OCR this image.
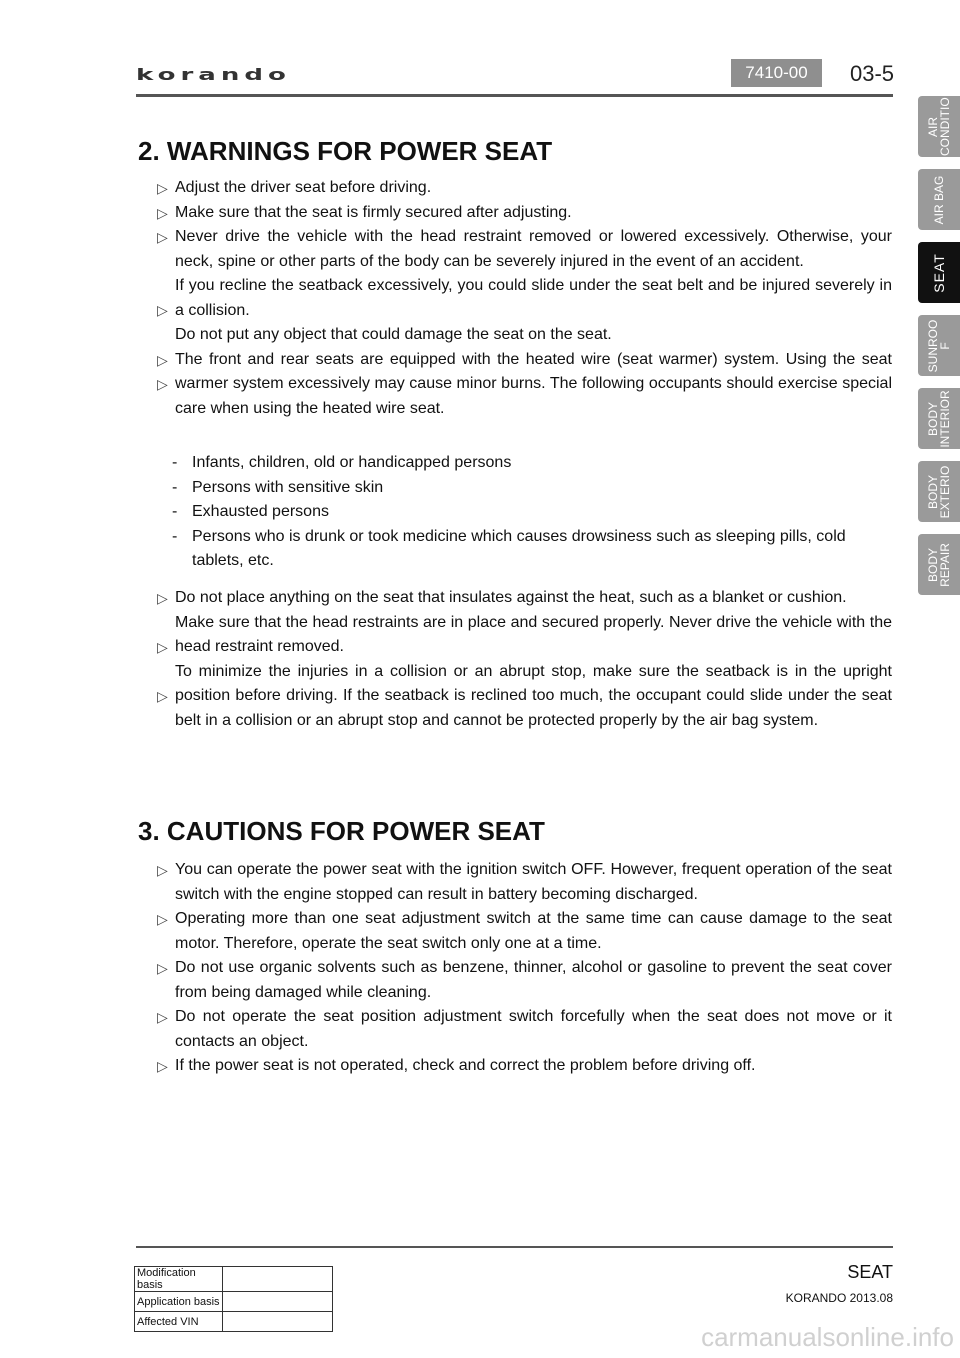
korando	7410-00	03-5
AIR
CONDITIO
AIR BAG
SEAT
SUNROO
F
BODY
INTERIOR
BODY
EXTERIO
BODY
REPAIR
2. WARNINGS FOR POWER SEAT
▷ Adjust the driver seat before driving.
▷ Make sure that the seat is firmly secured after adjusting.
▷ Never drive the vehicle with the head restraint removed or lowered excessively. Otherwise, your neck, spine or other parts of the body can be severely injured in the event of an accident.
▷
If you recline the seatback excessively, you could slide under the seat belt and be injured severely in a collision.
Do not put any object that could damage the seat on the seat.
▷
▷
The front and rear seats are equipped with the heated wire (seat warmer) system. Using the seat warmer system excessively may cause minor burns. The following occupants should exercise special care when using the heated wire seat.
- Infants, children, old or handicapped persons
- Persons with sensitive skin
- Exhausted persons
- Persons who is drunk or took medicine which causes drowsiness such as sleeping pills, cold tablets, etc.
▷ Do not place anything on the seat that insulates against the heat, such as a blanket or cushion.
▷
Make sure that the head restraints are in place and secured properly. Never drive the vehicle with the head restraint removed.
▷
To minimize the injuries in a collision or an abrupt stop, make sure the seatback is in the upright position before driving. If the seatback is reclined too much, the occupant could slide under the seat belt in a collision or an abrupt stop and cannot be protected properly by the air bag system.
3. CAUTIONS FOR POWER SEAT
▷ You can operate the power seat with the ignition switch OFF. However, frequent operation of the seat switch with the engine stopped can result in battery becoming discharged.
▷ Operating more than one seat adjustment switch at the same time can cause damage to the seat motor. Therefore, operate the seat switch only one at a time.
▷ Do not use organic solvents such as benzene, thinner, alcohol or gasoline to prevent the seat cover from being damaged while cleaning.
▷ Do not operate the seat position adjustment switch forcefully when the seat does not move or it contacts an object.
▷ If the power seat is not operated, check and correct the problem before driving off.
SEAT
KORANDO 2013.08
Modification basis	
Application basis	
Affected VIN	
carmanualsonline.info
